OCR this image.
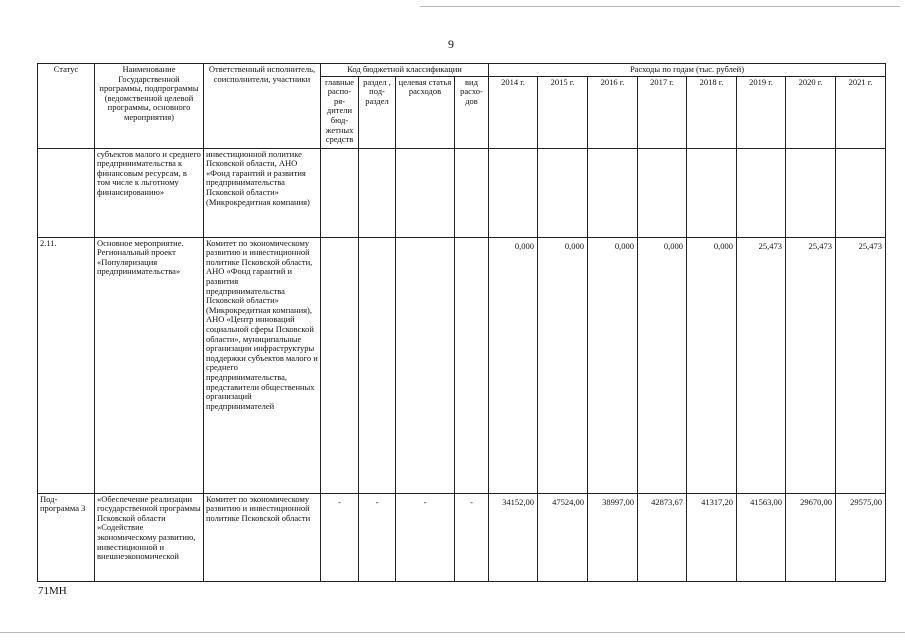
9
Статус	Наименование Государственной программы, подпрограммы (ведомственной целевой программы, основного мероприятия)	Ответственный исполнитель, соисполнители, участники	Код бюджетной классификации				Расходы по годам (тыс. рублей)							
			главные распо-ря-дители бюд-жетных средств	раздел , под-раздел	целевая статья расходов	вид расхо-дов	2014 г.	2015 г.	2016 г.	2017 г.	2018 г.	2019 г.	2020 г.	2021 г.
	субъектов малого и среднего предпринимательства к финансовым ресурсам, в том числе к льготному финансированию»	инвестиционной политике Псковской области, АНО «Фонд гарантий и развития предпринимательства Псковской области» (Микрокредитная компания)												
2.11.	Основное мероприятие. Региональный проект «Популяризация предпринимательства»	Комитет по экономическому развитию и инвестиционной политике Псковской области, АНО «Фонд гарантий и развития предпринимательства Псковской области» (Микрокредитная компания), АНО «Центр инноваций социальной сферы Псковской области», муниципальные организации инфраструктуры поддержки субъектов малого и среднего предпринимательства, представители общественных организаций предпринимателей					0,000	0,000	0,000	0,000	0,000	25,473	25,473	25,473
Под-программа 3	«Обеспечение реализации государственной программы Псковской области «Содействие экономическому развитию, инвестиционной и внешнеэкономической	Комитет по экономическому развитию и инвестиционной политике Псковской области	-	-	-	-	34152,00	47524,00	38997,00	42873,67	41317,20	41563,00	29670,00	29575,00
71МН
